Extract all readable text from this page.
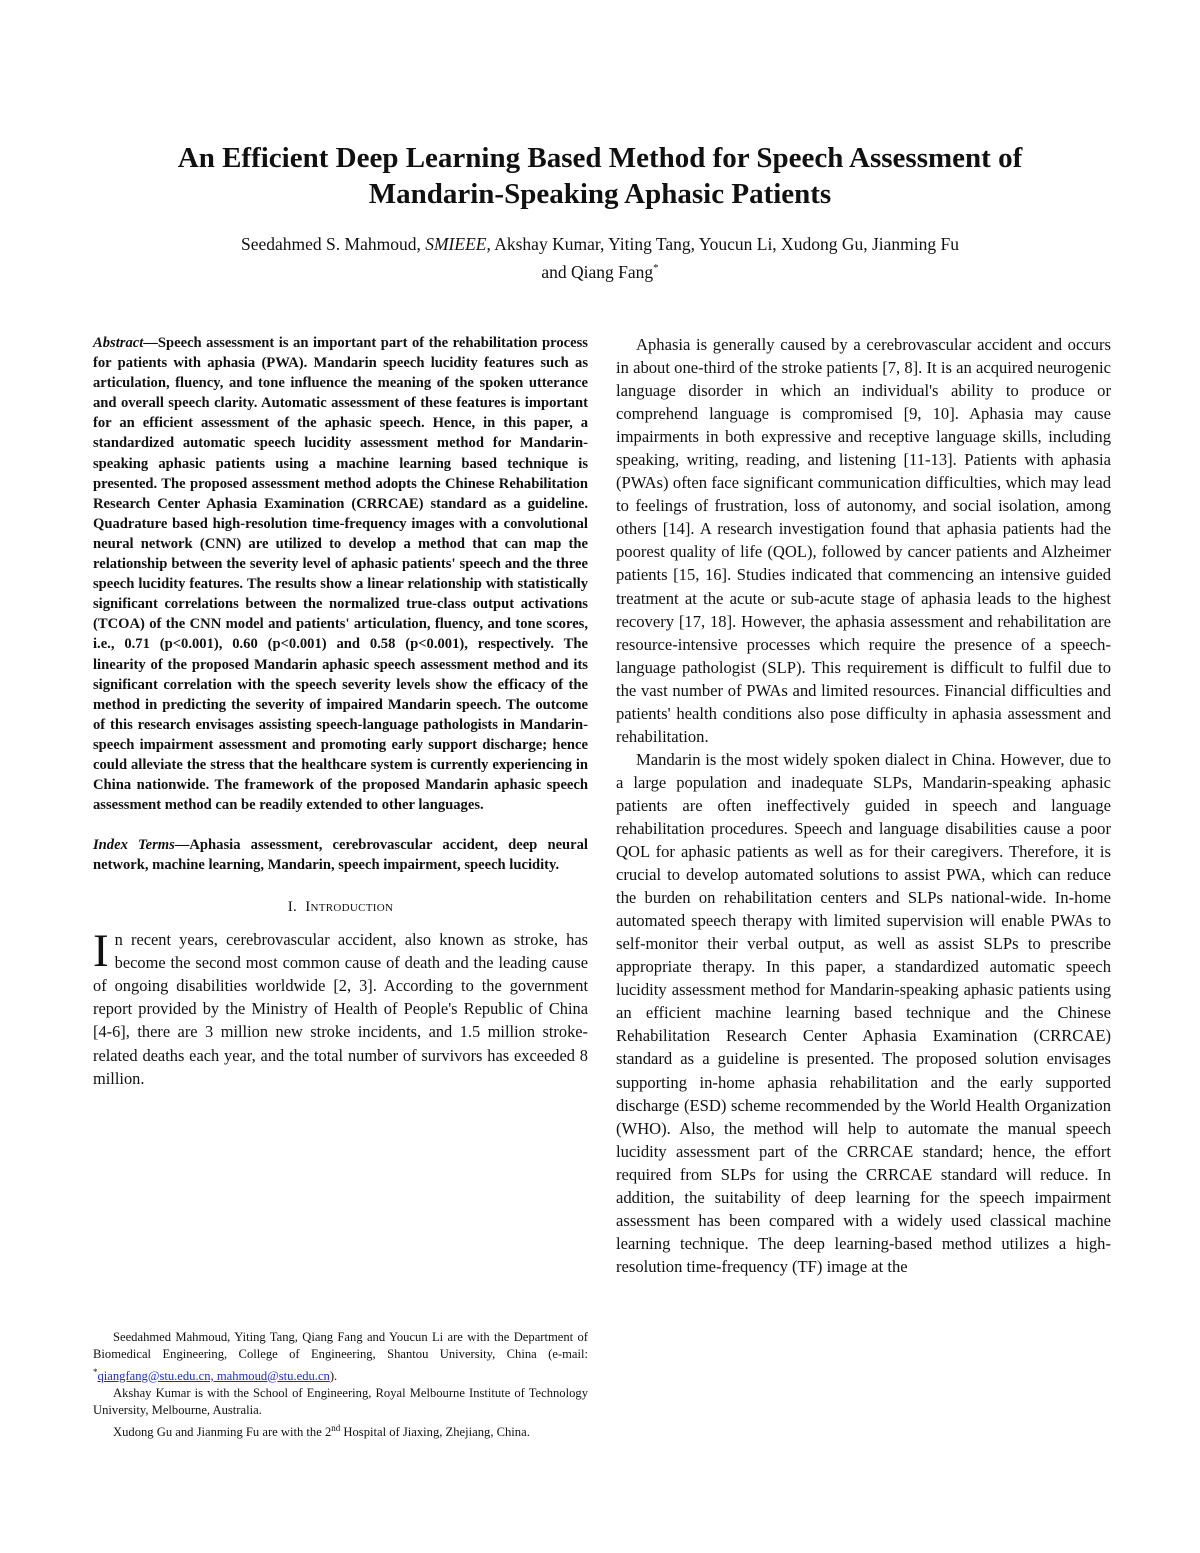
An Efficient Deep Learning Based Method for Speech Assessment of
Mandarin-Speaking Aphasic Patients
Seedahmed S. Mahmoud, SMIEEE, Akshay Kumar, Yiting Tang, Youcun Li, Xudong Gu, Jianming Fu
and Qiang Fang*

Abstract—Speech assessment is an important part of the rehabilitation process for patients with aphasia (PWA). Mandarin speech lucidity features such as articulation, fluency, and tone influence the meaning of the spoken utterance and overall speech clarity. Automatic assessment of these features is important for an efficient assessment of the aphasic speech. Hence, in this paper, a standardized automatic speech lucidity assessment method for Mandarin-speaking aphasic patients using a machine learning based technique is presented. The proposed assessment method adopts the Chinese Rehabilitation Research Center Aphasia Examination (CRRCAE) standard as a guideline. Quadrature based high-resolution time-frequency images with a convolutional neural network (CNN) are utilized to develop a method that can map the relationship between the severity level of aphasic patients' speech and the three speech lucidity features. The results show a linear relationship with statistically significant correlations between the normalized true-class output activations (TCOA) of the CNN model and patients' articulation, fluency, and tone scores, i.e., 0.71 (p<0.001), 0.60 (p<0.001) and 0.58 (p<0.001), respectively. The linearity of the proposed Mandarin aphasic speech assessment method and its significant correlation with the speech severity levels show the efficacy of the method in predicting the severity of impaired Mandarin speech. The outcome of this research envisages assisting speech-language pathologists in Mandarin-speech impairment assessment and promoting early support discharge; hence could alleviate the stress that the healthcare system is currently experiencing in China nationwide. The framework of the proposed Mandarin aphasic speech assessment method can be readily extended to other languages.

Index Terms—Aphasia assessment, cerebrovascular accident, deep neural network, machine learning, Mandarin, speech impairment, speech lucidity.

I. Introduction

In recent years, cerebrovascular accident, also known as stroke, has become the second most common cause of death and the leading cause of ongoing disabilities worldwide [2, 3]. According to the government report provided by the Ministry of Health of People's Republic of China [4-6], there are 3 million new stroke incidents, and 1.5 million stroke-related deaths each year, and the total number of survivors has exceeded 8 million.

Seedahmed Mahmoud, Yiting Tang, Qiang Fang and Youcun Li are with the Department of Biomedical Engineering, College of Engineering, Shantou University, China (e-mail: *qiangfang@stu.edu.cn, mahmoud@stu.edu.cn).

Akshay Kumar is with the School of Engineering, Royal Melbourne Institute of Technology University, Melbourne, Australia.

Xudong Gu and Jianming Fu are with the 2nd Hospital of Jiaxing, Zhejiang, China.

Aphasia is generally caused by a cerebrovascular accident and occurs in about one-third of the stroke patients [7, 8]. It is an acquired neurogenic language disorder in which an individual's ability to produce or comprehend language is compromised [9, 10]. Aphasia may cause impairments in both expressive and receptive language skills, including speaking, writing, reading, and listening [11-13]. Patients with aphasia (PWAs) often face significant communication difficulties, which may lead to feelings of frustration, loss of autonomy, and social isolation, among others [14]. A research investigation found that aphasia patients had the poorest quality of life (QOL), followed by cancer patients and Alzheimer patients [15, 16]. Studies indicated that commencing an intensive guided treatment at the acute or sub-acute stage of aphasia leads to the highest recovery [17, 18]. However, the aphasia assessment and rehabilitation are resource-intensive processes which require the presence of a speech-language pathologist (SLP). This requirement is difficult to fulfil due to the vast number of PWAs and limited resources. Financial difficulties and patients' health conditions also pose difficulty in aphasia assessment and rehabilitation.

Mandarin is the most widely spoken dialect in China. However, due to a large population and inadequate SLPs, Mandarin-speaking aphasic patients are often ineffectively guided in speech and language rehabilitation procedures. Speech and language disabilities cause a poor QOL for aphasic patients as well as for their caregivers. Therefore, it is crucial to develop automated solutions to assist PWA, which can reduce the burden on rehabilitation centers and SLPs national-wide. In-home automated speech therapy with limited supervision will enable PWAs to self-monitor their verbal output, as well as assist SLPs to prescribe appropriate therapy. In this paper, a standardized automatic speech lucidity assessment method for Mandarin-speaking aphasic patients using an efficient machine learning based technique and the Chinese Rehabilitation Research Center Aphasia Examination (CRRCAE) standard as a guideline is presented. The proposed solution envisages supporting in-home aphasia rehabilitation and the early supported discharge (ESD) scheme recommended by the World Health Organization (WHO). Also, the method will help to automate the manual speech lucidity assessment part of the CRRCAE standard; hence, the effort required from SLPs for using the CRRCAE standard will reduce. In addition, the suitability of deep learning for the speech impairment assessment has been compared with a widely used classical machine learning technique. The deep learning-based method utilizes a high-resolution time-frequency (TF) image at the
